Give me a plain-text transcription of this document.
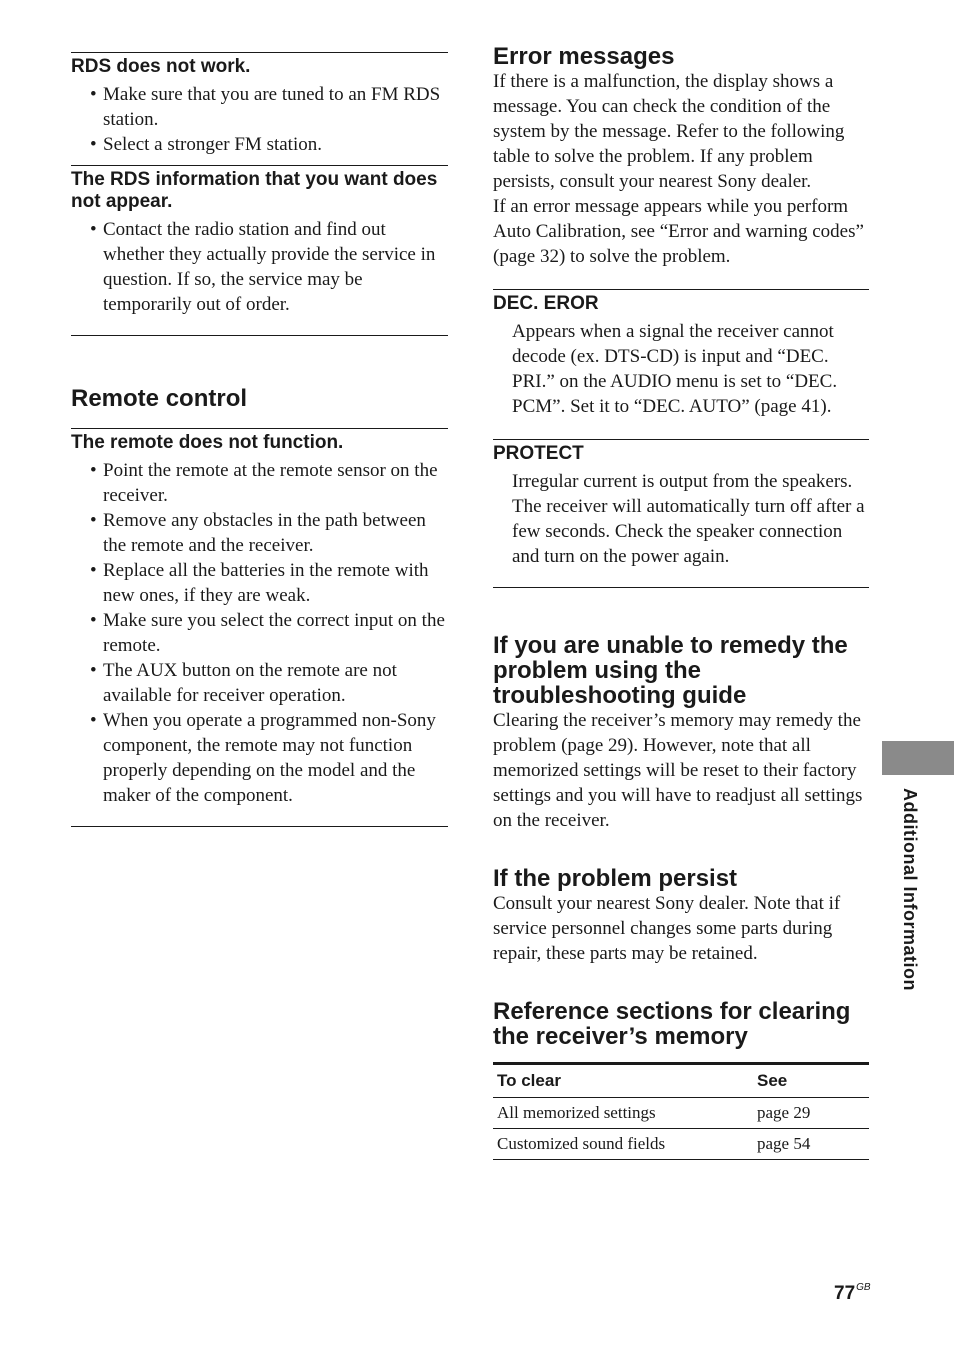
RDS does not work.
• Make sure that you are tuned to an FM RDS station.
• Select a stronger FM station.
The RDS information that you want does not appear.
• Contact the radio station and find out whether they actually provide the service in question. If so, the service may be temporarily out of order.
Remote control
The remote does not function.
• Point the remote at the remote sensor on the receiver.
• Remove any obstacles in the path between the remote and the receiver.
• Replace all the batteries in the remote with new ones, if they are weak.
• Make sure you select the correct input on the remote.
• The AUX button on the remote are not available for receiver operation.
• When you operate a programmed non-Sony component, the remote may not function properly depending on the model and the maker of the component.
Error messages

If there is a malfunction, the display shows a message. You can check the condition of the system by the message. Refer to the following table to solve the problem. If any problem persists, consult your nearest Sony dealer.

If an error message appears while you perform Auto Calibration, see “Error and warning codes” (page 32) to solve the problem.

DEC. EROR

Appears when a signal the receiver cannot decode (ex. DTS-CD) is input and “DEC. PRI.” on the AUDIO menu is set to “DEC. PCM”. Set it to “DEC. AUTO” (page 41).

PROTECT

Irregular current is output from the speakers. The receiver will automatically turn off after a few seconds. Check the speaker connection and turn on the power again.

If you are unable to remedy the problem using the troubleshooting guide

Clearing the receiver’s memory may remedy the problem (page 29). However, note that all memorized settings will be reset to their factory settings and you will have to readjust all settings on the receiver.

If the problem persist

Consult your nearest Sony dealer. Note that if service personnel changes some parts during repair, these parts may be retained.

Reference sections for clearing the receiver’s memory
To clear	See
All memorized settings	page 29
Customized sound fields	page 54
Additional Information
$77^{GB}$
